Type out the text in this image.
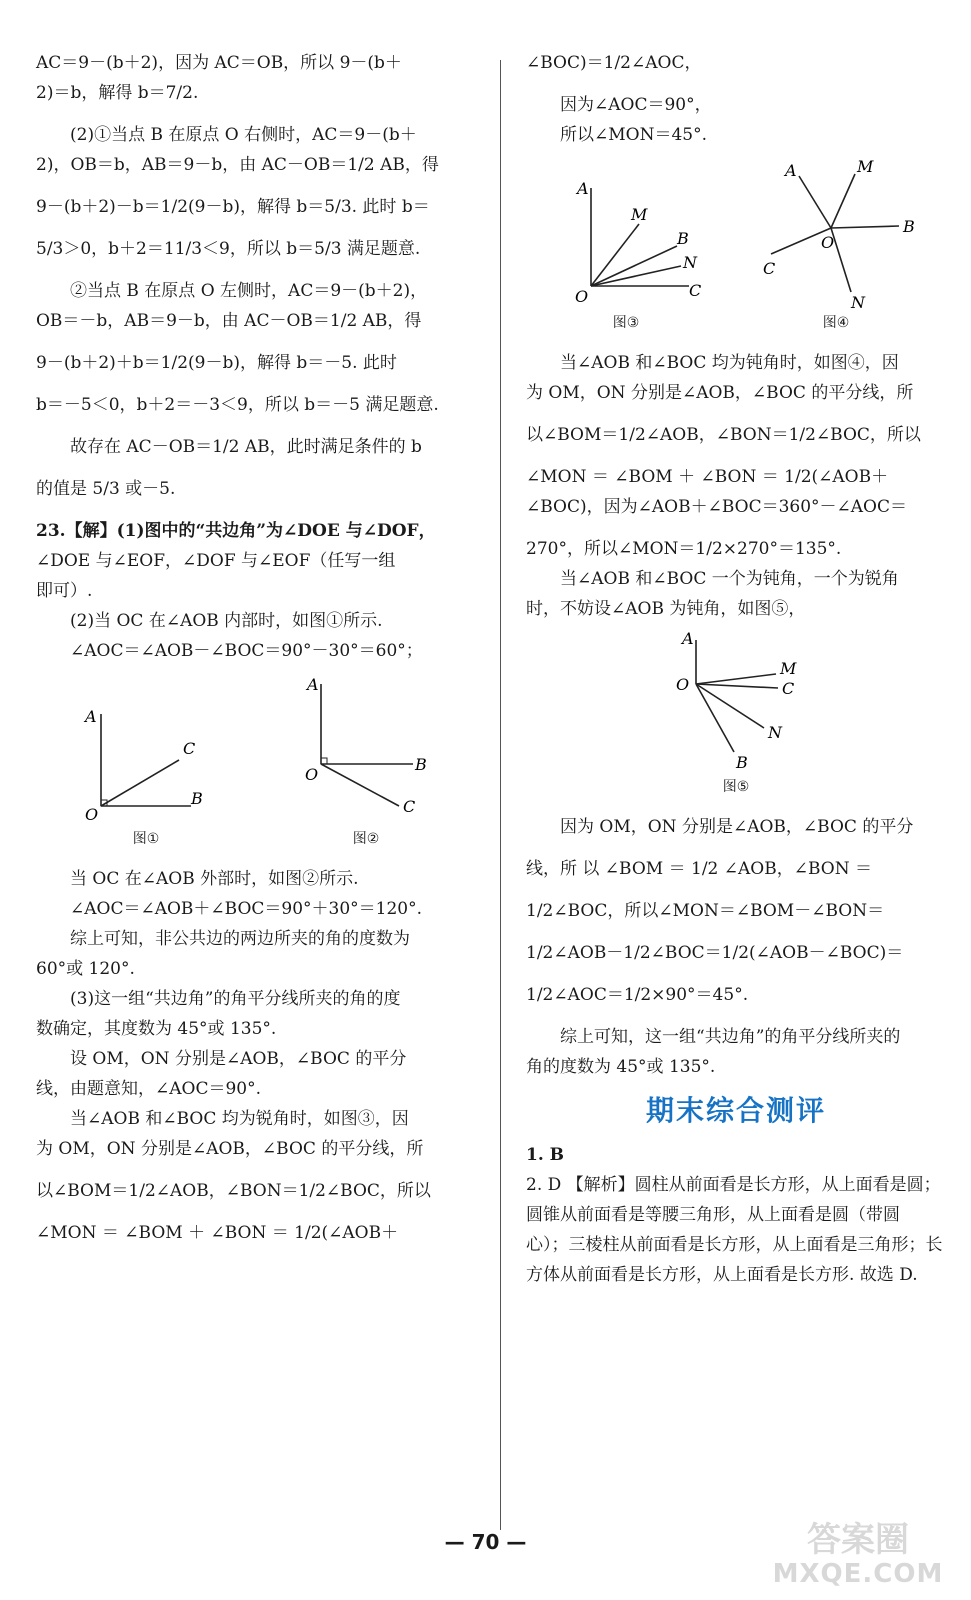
AC＝9－(b＋2)，因为 AC＝OB，所以 9－(b＋

2)＝b，解得 b＝7/2.

(2)①当点 B 在原点 O 右侧时，AC＝9－(b＋

2)，OB＝b，AB＝9－b，由 AC－OB＝1/2 AB，得

9－(b＋2)－b＝1/2(9－b)，解得 b＝5/3. 此时 b＝

5/3＞0，b＋2＝11/3＜9，所以 b＝5/3 满足题意.

②当点 B 在原点 O 左侧时，AC＝9－(b＋2)，

OB＝－b，AB＝9－b，由 AC－OB＝1/2 AB，得

9－(b＋2)＋b＝1/2(9－b)，解得 b＝－5. 此时

b＝－5＜0，b＋2＝－3＜9，所以 b＝－5 满足题意.

故存在 AC－OB＝1/2 AB，此时满足条件的 b

的值是 5/3 或－5.

23.【解】(1)图中的“共边角”为∠DOE 与∠DOF，

∠DOE 与∠EOF，∠DOF 与∠EOF（任写一组

即可）.

(2)当 OC 在∠AOB 内部时，如图①所示.

∠AOC＝∠AOB－∠BOC＝90°－30°＝60°；

A
C
B
O
图①
A
B
C
O
图②

当 OC 在∠AOB 外部时，如图②所示.

∠AOC＝∠AOB＋∠BOC＝90°＋30°＝120°.

综上可知，非公共边的两边所夹的角的度数为

60°或 120°.

(3)这一组“共边角”的角平分线所夹的角的度

数确定，其度数为 45°或 135°.

设 OM，ON 分别是∠AOB，∠BOC 的平分

线，由题意知，∠AOC＝90°.

当∠AOB 和∠BOC 均为锐角时，如图③，因

为 OM，ON 分别是∠AOB，∠BOC 的平分线，所

以∠BOM＝1/2∠AOB，∠BON＝1/2∠BOC，所以

∠MON ＝ ∠BOM ＋ ∠BON ＝ 1/2(∠AOB＋

∠BOC)＝1/2∠AOC，

因为∠AOC＝90°，

所以∠MON＝45°.

A
M
B
N
C
O
图③
A	M
B
C
N
O
图④

当∠AOB 和∠BOC 均为钝角时，如图④，因

为 OM，ON 分别是∠AOB，∠BOC 的平分线，所

以∠BOM＝1/2∠AOB，∠BON＝1/2∠BOC，所以

∠MON ＝ ∠BOM ＋ ∠BON ＝ 1/2(∠AOB＋

∠BOC)，因为∠AOB＋∠BOC＝360°－∠AOC＝

270°，所以∠MON＝1/2×270°＝135°.

当∠AOB 和∠BOC 一个为钝角，一个为锐角

时，不妨设∠AOB 为钝角，如图⑤，

A
M
C
N
B
O
图⑤

因为 OM，ON 分别是∠AOB，∠BOC 的平分

线，所 以 ∠BOM ＝ 1/2 ∠AOB，∠BON ＝

1/2∠BOC，所以∠MON＝∠BOM－∠BON＝

1/2∠AOB－1/2∠BOC＝1/2(∠AOB－∠BOC)＝

1/2∠AOC＝1/2×90°＝45°.

综上可知，这一组“共边角”的角平分线所夹的

角的度数为 45°或 135°.

期末综合测评

1. B

2. D 【解析】圆柱从前面看是长方形，从上面看是圆；

圆锥从前面看是等腰三角形，从上面看是圆（带圆

心）；三棱柱从前面看是长方形，从上面看是三角形；长

方体从前面看是长方形，从上面看是长方形. 故选 D.

— 70 —	答案圈
MXQE.COM
